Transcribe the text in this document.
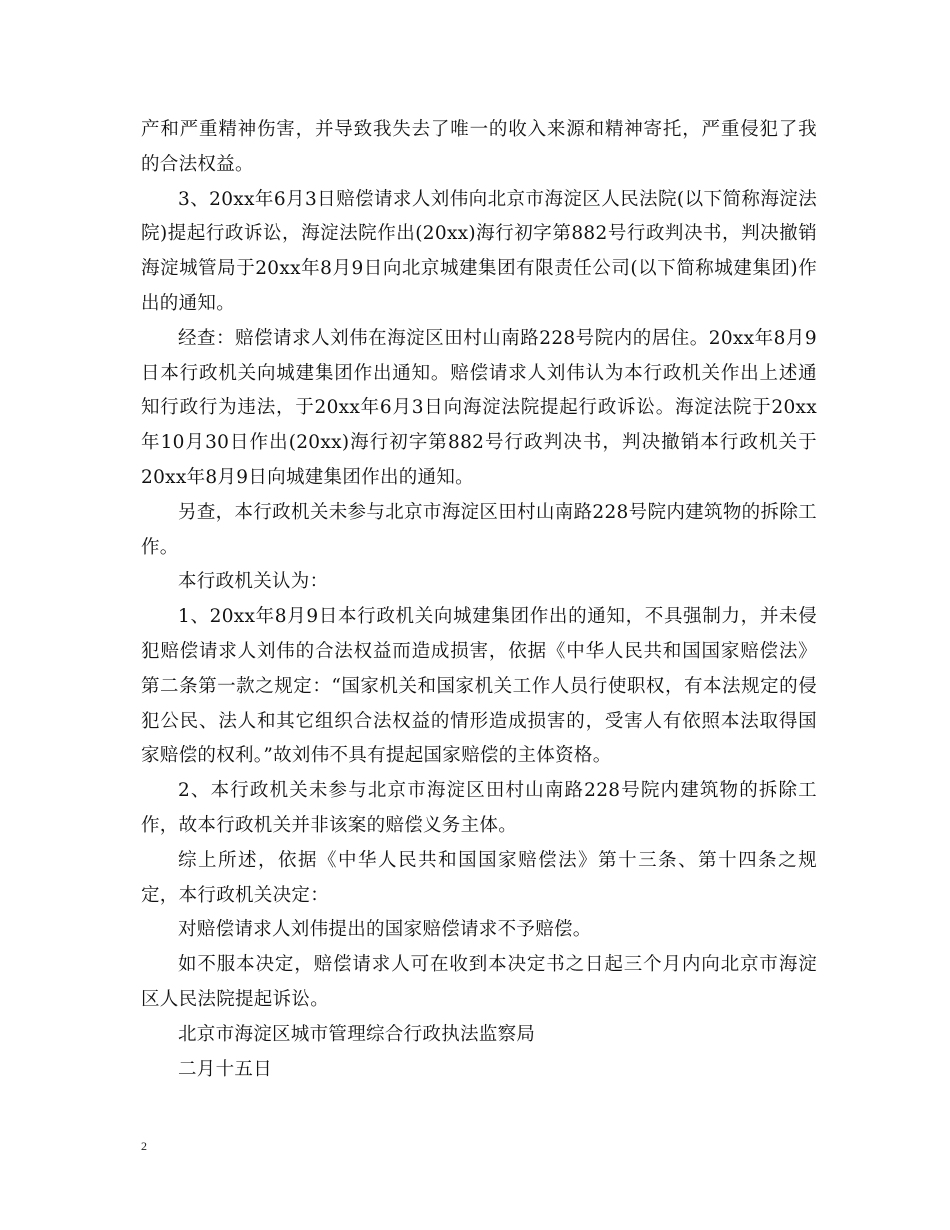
产和严重精神伤害，并导致我失去了唯一的收入来源和精神寄托，严重侵犯了我的合法权益。

3、20xx年6月3日赔偿请求人刘伟向北京市海淀区人民法院(以下简称海淀法院)提起行政诉讼，海淀法院作出(20xx)海行初字第882号行政判决书，判决撤销海淀城管局于20xx年8月9日向北京城建集团有限责任公司(以下简称城建集团)作出的通知。

经查：赔偿请求人刘伟在海淀区田村山南路228号院内的居住。20xx年8月9日本行政机关向城建集团作出通知。赔偿请求人刘伟认为本行政机关作出上述通知行政行为违法，于20xx年6月3日向海淀法院提起行政诉讼。海淀法院于20xx年10月30日作出(20xx)海行初字第882号行政判决书，判决撤销本行政机关于20xx年8月9日向城建集团作出的通知。

另查，本行政机关未参与北京市海淀区田村山南路228号院内建筑物的拆除工作。

本行政机关认为：

1、20xx年8月9日本行政机关向城建集团作出的通知，不具强制力，并未侵犯赔偿请求人刘伟的合法权益而造成损害，依据《中华人民共和国国家赔偿法》第二条第一款之规定：“国家机关和国家机关工作人员行使职权，有本法规定的侵犯公民、法人和其它组织合法权益的情形造成损害的，受害人有依照本法取得国家赔偿的权利。”故刘伟不具有提起国家赔偿的主体资格。

2、本行政机关未参与北京市海淀区田村山南路228号院内建筑物的拆除工作，故本行政机关并非该案的赔偿义务主体。

综上所述，依据《中华人民共和国国家赔偿法》第十三条、第十四条之规定，本行政机关决定：

对赔偿请求人刘伟提出的国家赔偿请求不予赔偿。

如不服本决定，赔偿请求人可在收到本决定书之日起三个月内向北京市海淀区人民法院提起诉讼。

北京市海淀区城市管理综合行政执法监察局

二月十五日

2
